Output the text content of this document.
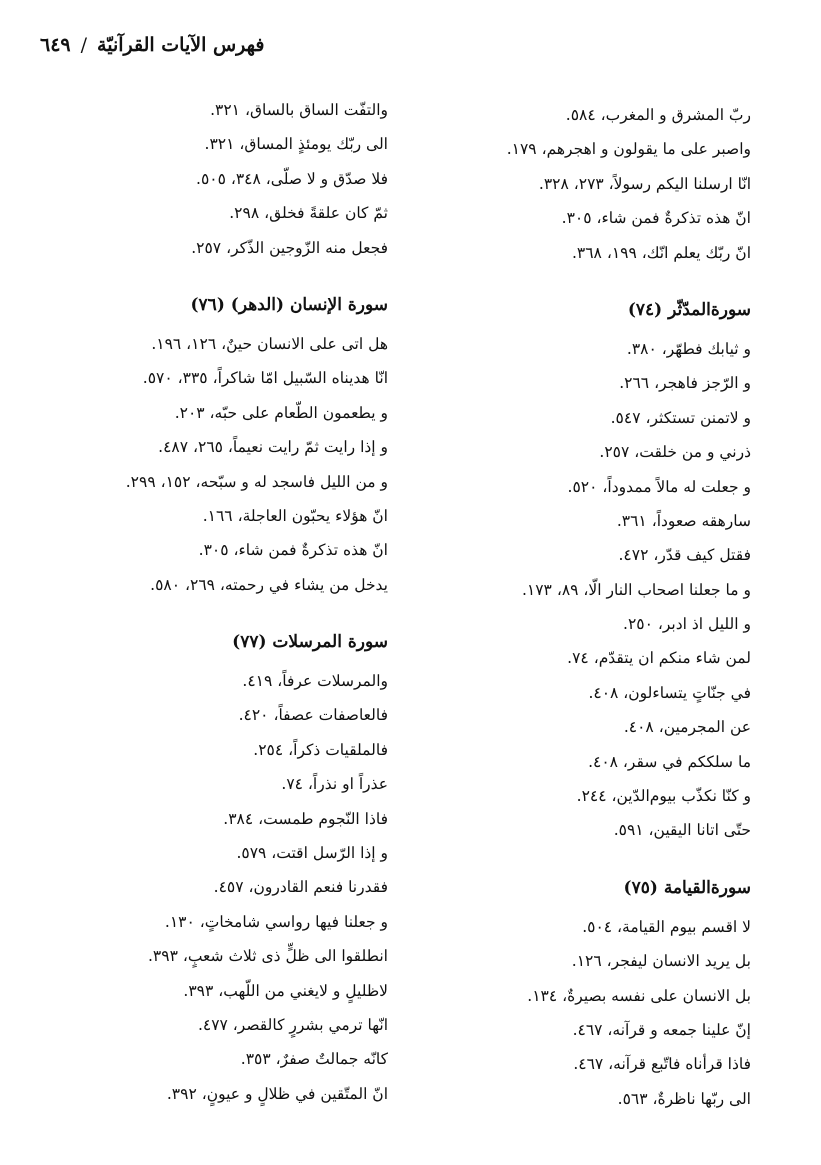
فهرس الآيات القرآنيّة/٦٤٩
ربّ المشرق و المغرب، ٥٨٤.
واصبر على ما يقولون و اهجرهم، ١٧٩.
انّا ارسلنا اليكم رسولاً، ٢٧٣، ٣٢٨.
انّ هذه تذكرةٌ فمن شاء، ٣٠٥.
انّ ربّك يعلم انّك، ١٩٩، ٣٦٨.
سورةالمدّثّر (٧٤)
و ثيابك فطهّر، ٣٨٠.
و الرّجز فاهجر، ٢٦٦.
و لاتمنن تستكثر، ٥٤٧.
ذرني و من خلقت، ٢٥٧.
و جعلت له مالاً ممدوداً، ٥٢٠.
سارهقه صعوداً، ٣٦١.
فقتل كيف قدّر، ٤٧٢.
و ما جعلنا اصحاب النار الّا، ٨٩، ١٧٣.
و الليل اذ ادبر، ٢٥٠.
لمن شاء منكم ان يتقدّم، ٧٤.
في جنّاتٍ يتساءلون، ٤٠٨.
عن المجرمين، ٤٠٨.
ما سلككم في سقر، ٤٠٨.
و كنّا نكذّب بيوم‌الدّين، ٢٤٤.
حتّى اتانا اليقين، ٥٩١.
سورةالقيامة (٧٥)
لا اقسم بيوم القيامة، ٥٠٤.
بل يريد الانسان ليفجر، ١٢٦.
بل الانسان على نفسه بصيرةٌ، ١٣٤.
إنّ علينا جمعه و قرآنه، ٤٦٧.
فاذا قرأناه فاتّبع قرآنه، ٤٦٧.
الى ربّها ناظرةٌ، ٥٦٣.
والتفّت الساق بالساق، ٣٢١.
الى ربّك يومئذٍ المساق، ٣٢١.
فلا صدّق و لا صلّى، ٣٤٨، ٥٠٥.
ثمّ كان علقةً فخلق، ٢٩٨.
فجعل منه الزّوجين الذّكر، ٢٥٧.
سورة الإنسان (الدهر) (٧٦)
هل اتى على الانسان حينٌ، ١٢٦، ١٩٦.
انّا هديناه السّبيل امّا شاكراً، ٣٣٥، ٥٧٠.
و يطعمون الطّعام على حبّه، ٢٠٣.
و إذا رايت ثمّ رايت نعيماً، ٢٦٥، ٤٨٧.
و من الليل فاسجد له و سبّحه، ١٥٢، ٢٩٩.
انّ هؤلاء يحبّون العاجلة، ١٦٦.
انّ هذه تذكرةٌ فمن شاء، ٣٠٥.
يدخل من يشاء في رحمته، ٢٦٩، ٥٨٠.
سورة المرسلات (٧٧)
والمرسلات عرفاً، ٤١٩.
فالعاصفات عصفاً، ٤٢٠.
فالملقيات ذكراً، ٢٥٤.
عذراً او نذراً، ٧٤.
فاذا النّجوم طمست، ٣٨٤.
و إذا الرّسل اقتت، ٥٧٩.
فقدرنا فنعم القادرون، ٤٥٧.
و جعلنا فيها رواسي شامخاتٍ، ١٣٠.
انطلقوا الى ظلٍّ ذى ثلاث شعبٍ، ٣٩٣.
لاظليلٍ و لايغني من اللّهب، ٣٩٣.
انّها ترمي بشررٍ كالقصر، ٤٧٧.
كانّه جمالتٌ صفرٌ، ٣٥٣.
انّ المتّقين في ظلالٍ و عيونٍ، ٣٩٢.
